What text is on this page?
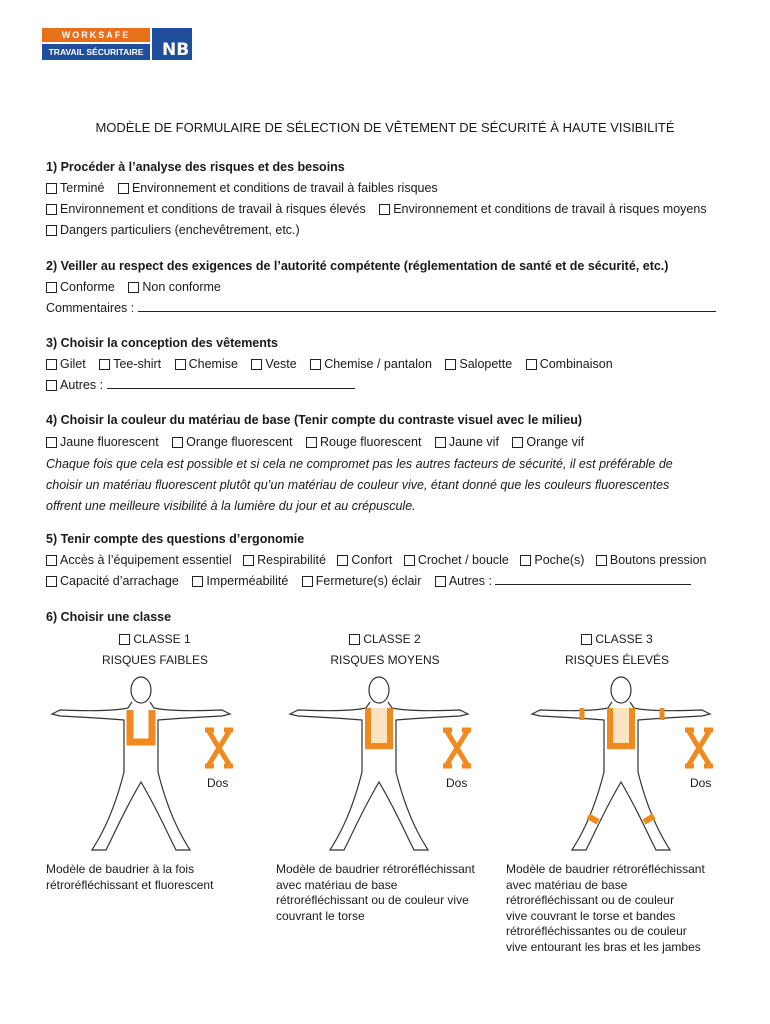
WORKSAFE
TRAVAIL SÉCURITAIRE	NB
MODÈLE DE FORMULAIRE DE SÉLECTION DE VÊTEMENT DE SÉCURITÉ À HAUTE VISIBILITÉ
1) Procéder à l’analyse des risques et des besoins
Terminé Environnement et conditions de travail à faibles risques
Environnement et conditions de travail à risques élevés Environnement et conditions de travail à risques moyens
Dangers particuliers (enchevêtrement, etc.)
2) Veiller au respect des exigences de l’autorité compétente (réglementation de santé et de sécurité, etc.)
Conforme Non conforme
Commentaires :
3) Choisir la conception des vêtements
Gilet Tee-shirt Chemise Veste Chemise / pantalon Salopette Combinaison
Autres :
4) Choisir la couleur du matériau de base (Tenir compte du contraste visuel avec le milieu)
Jaune fluorescent Orange fluorescent Rouge fluorescent Jaune vif Orange vif
Chaque fois que cela est possible et si cela ne compromet pas les autres facteurs de sécurité, il est préférable de
choisir un matériau fluorescent plutôt qu’un matériau de couleur vive, étant donné que les couleurs fluorescentes
offrent une meilleure visibilité à la lumière du jour et au crépuscule.
5) Tenir compte des questions d’ergonomie
Accès à l’équipement essentiel Respirabilité Confort Crochet / boucle Poche(s) Boutons pression
Capacité d’arrachage Imperméabilité Fermeture(s) éclair Autres :
6) Choisir une classe
CLASSE 1
RISQUES FAIBLES
CLASSE 2
RISQUES MOYENS
CLASSE 3
RISQUES ÉLEVÉS
Dos	Dos	Dos
Modèle de baudrier à la fois
rétroréfléchissant et fluorescent
Modèle de baudrier rétroréfléchissant
avec matériau de base
rétroréfléchissant ou de couleur vive
couvrant le torse
Modèle de baudrier rétroréfléchissant
avec matériau de base
rétroréfléchissant ou de couleur
vive couvrant le torse et bandes
rétroréfléchissantes ou de couleur
vive entourant les bras et les jambes
